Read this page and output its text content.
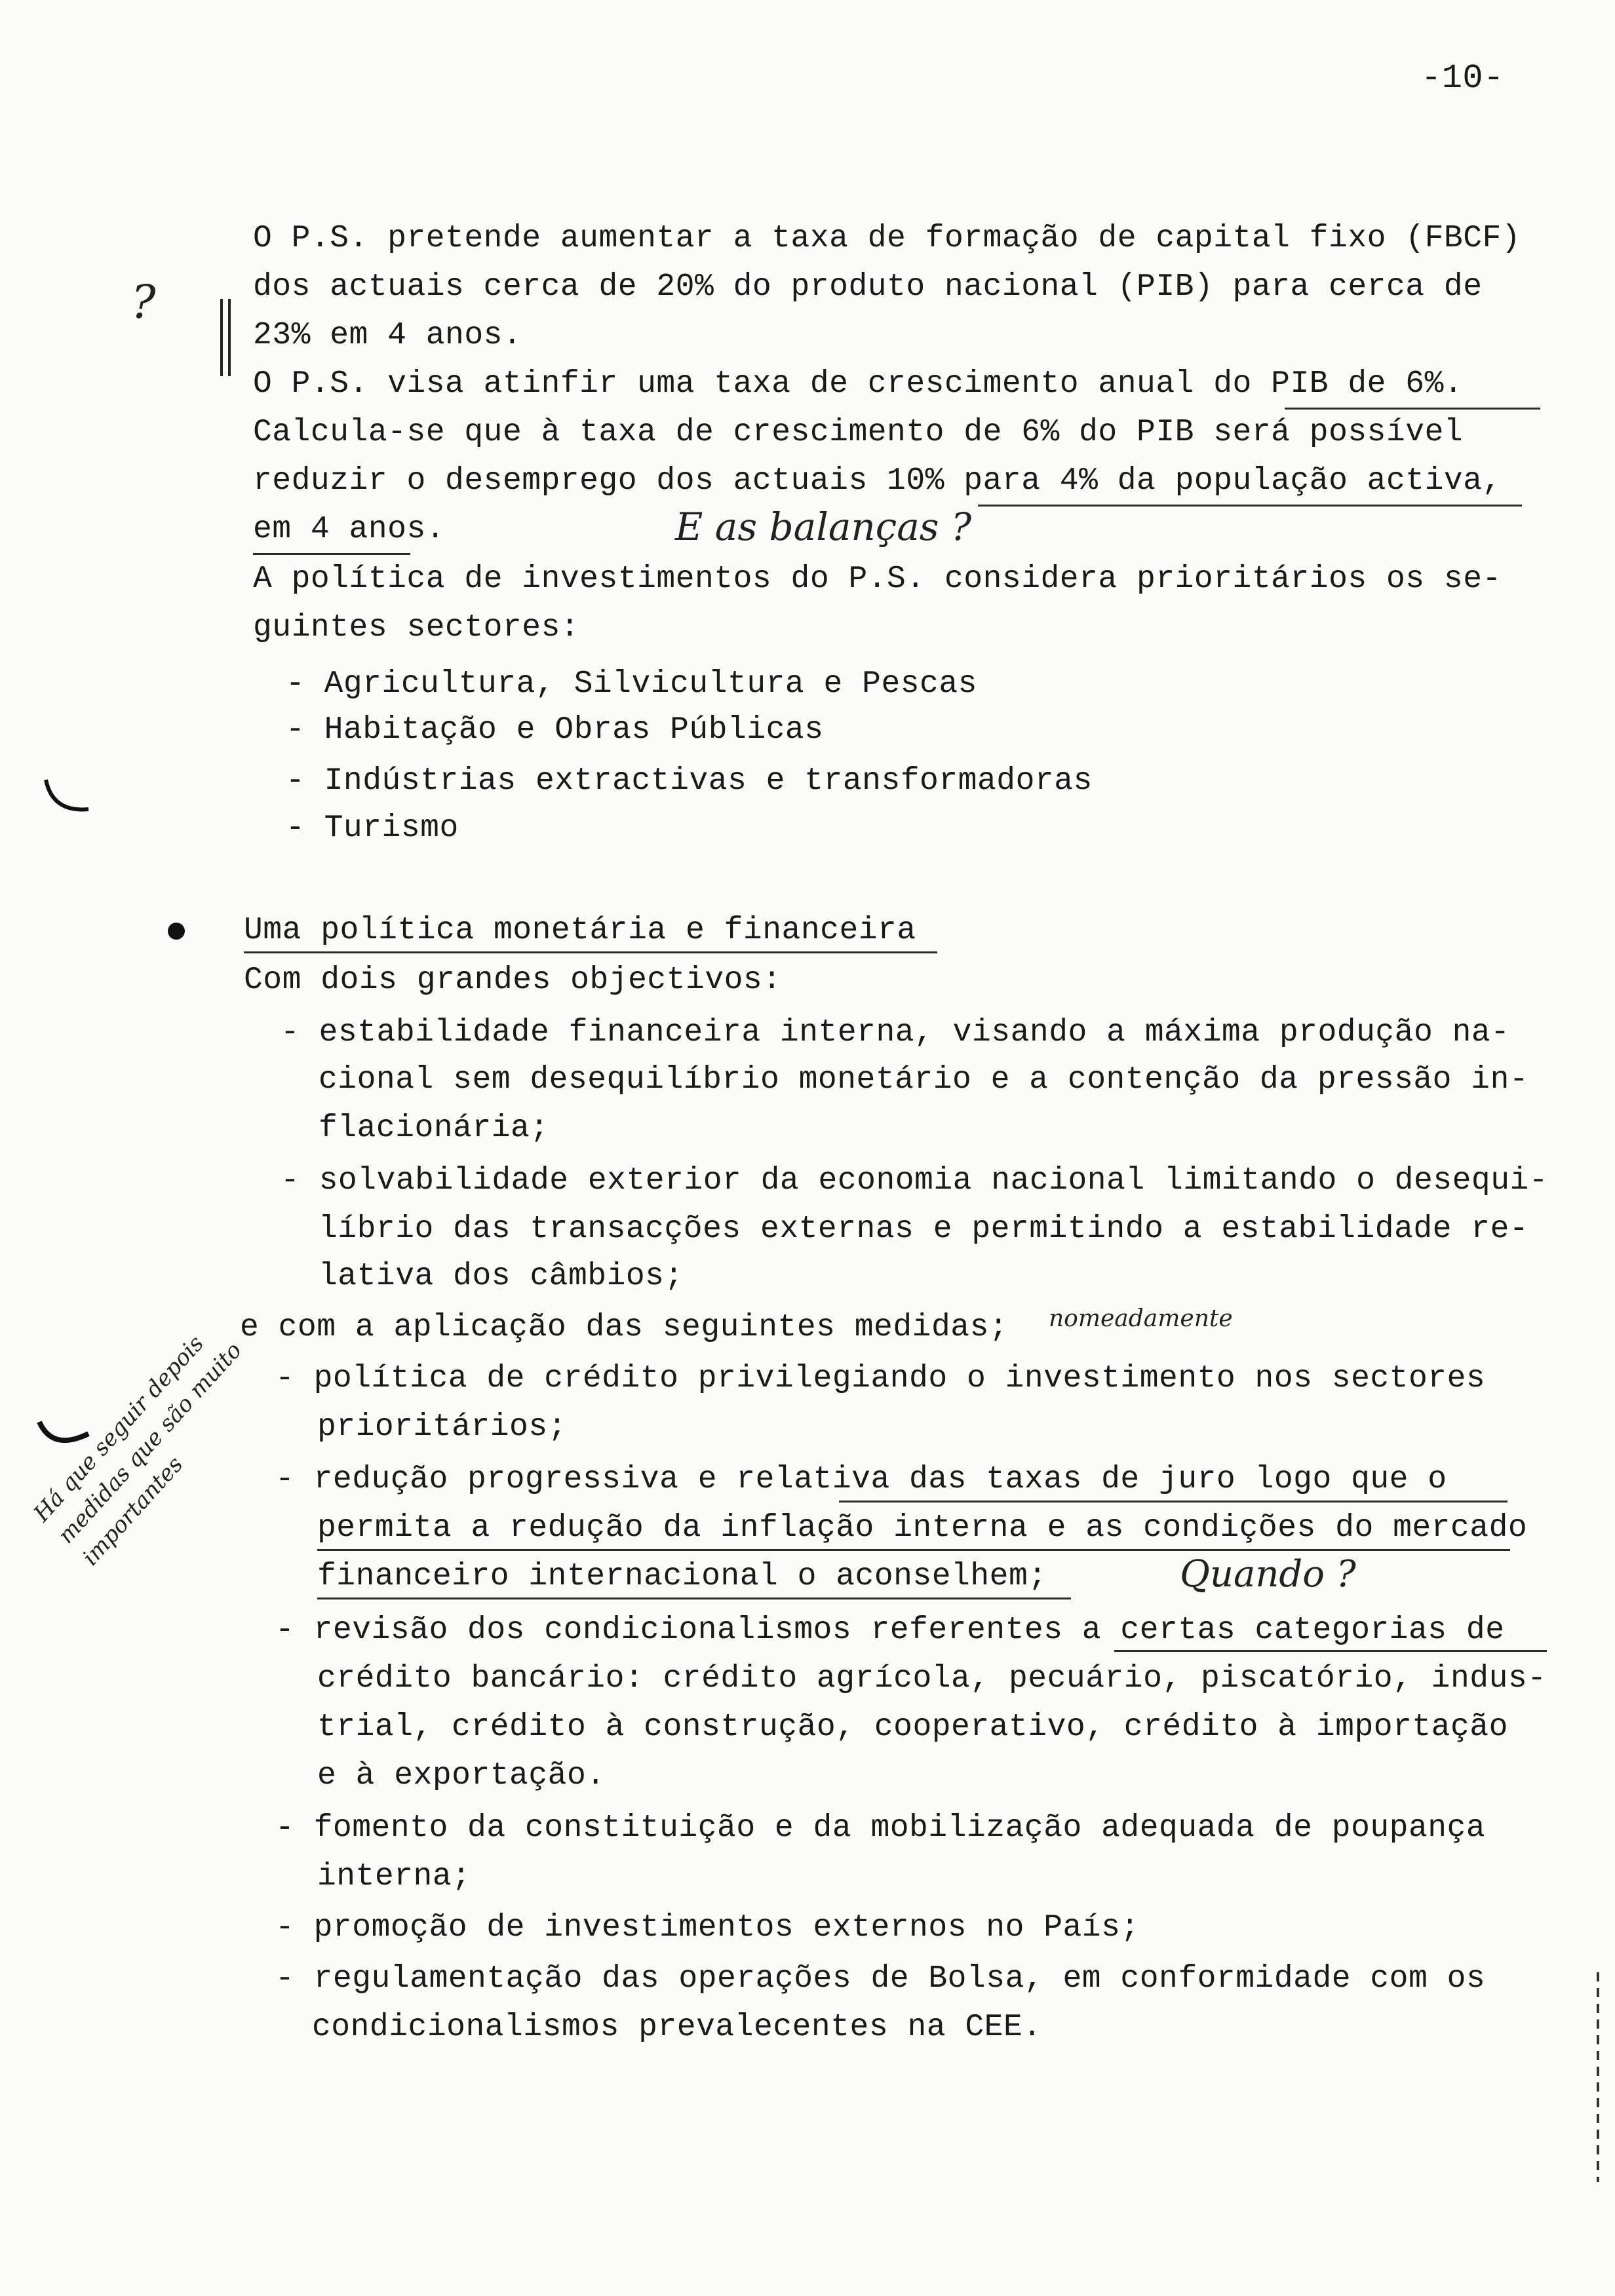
-10-
O P.S. pretende aumentar a taxa de formação de capital fixo (FBCF)
dos actuais cerca de 20% do produto nacional (PIB) para cerca de
23% em 4 anos.
O P.S. visa atinfir uma taxa de crescimento anual do PIB de 6%.
Calcula-se que à taxa de crescimento de 6% do PIB será possível
reduzir o desemprego dos actuais 10% para 4% da população activa,
em 4 anos.
A política de investimentos do P.S. considera prioritários os se-
guintes sectores:
- Agricultura, Silvicultura e Pescas
- Habitação e Obras Públicas
- Indústrias extractivas e transformadoras
- Turismo
Uma política monetária e financeira
Com dois grandes objectivos:
- estabilidade financeira interna, visando a máxima produção na-
cional sem desequilíbrio monetário e a contenção da pressão in-
flacionária;
- solvabilidade exterior da economia nacional limitando o desequi-
líbrio das transacções externas e permitindo a estabilidade re-
lativa dos câmbios;
e com a aplicação das seguintes medidas;
- política de crédito privilegiando o investimento nos sectores
prioritários;
- redução progressiva e relativa das taxas de juro logo que o
permita a redução da inflação interna e as condições do mercado
financeiro internacional o aconselhem;
- revisão dos condicionalismos referentes a certas categorias de
crédito bancário: crédito agrícola, pecuário, piscatório, indus-
trial, crédito à construção, cooperativo, crédito à importação
e à exportação.
- fomento da constituição e da mobilização adequada de poupança
interna;
- promoção de investimentos externos no País;
- regulamentação das operações de Bolsa, em conformidade com os
condicionalismos prevalecentes na CEE.
?
E as balanças ?
nomeadamente
Quando ?
Há que seguir depois medidas que são muito importantes
